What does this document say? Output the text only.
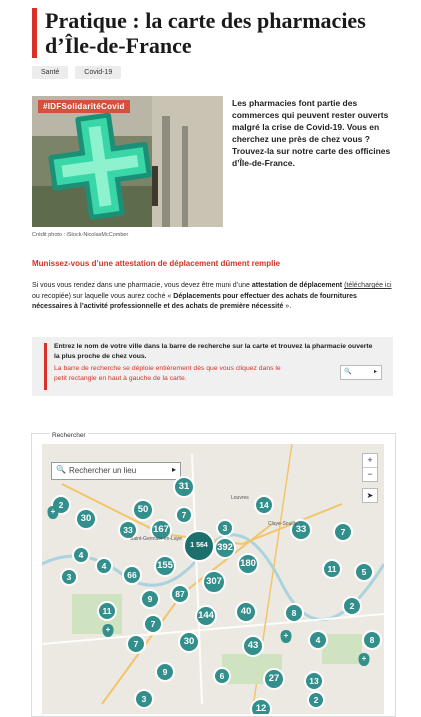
Pratique : la carte des pharmacies d’Île-de-France
Santé	Covid-19
#IDFSolidaritéCovid
Crédit photo : iStock-NicolasMcComber

Les pharmacies font partie des commerces qui peuvent rester ouverts malgré la crise de Covid-19. Vous en cherchez une près de chez vous ? Trouvez-la sur notre carte des officines d’Île-de-France.

Munissez-vous d’une attestation de déplacement dûment remplie

Si vous vous rendez dans une pharmacie, vous devez être muni d’une attestation de déplacement (téléchargée ici ou recopiée) sur laquelle vous aurez coché « Déplacements pour effectuer des achats de fournitures nécessaires à l’activité professionnelle et des achats de première nécessité ».

Entrez le nom de votre ville dans la barre de recherche sur la carte et trouvez la pharmacie ouverte la plus proche de chez vous.
La barre de recherche se déploie entièrement dès que vous cliquez dans le petit rectangle en haut à gauche de la carte.
🔍	▸
Rechercher
🔍 Rechercher un lieu	▸
+
−
➤
2
30
50
31
14
33	167
7
3	33	7
4
4
1 564 392
180	11	5
3	66
155
307
9	87
2
11
7
144	40	8
7	30	4
43	8
9	6	27	13
3	2
12
+
+
+
+
Louvres
Claye-Souilly
Saint-Germain-en-Laye
